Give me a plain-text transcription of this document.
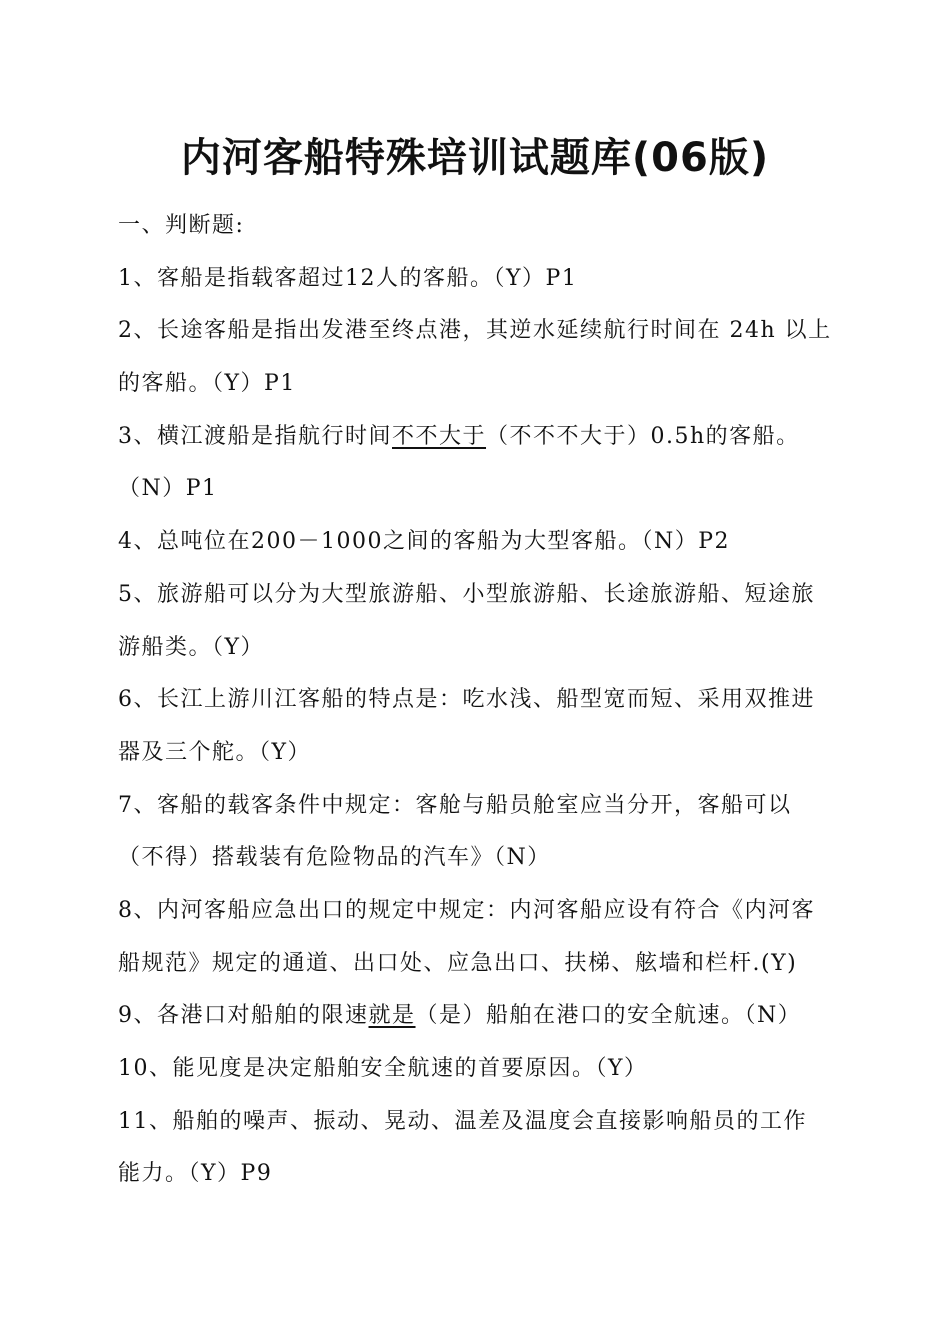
内河客船特殊培训试题库(06版)
一、判断题:
1、客船是指载客超过12人的客船。（Y）P1
2、长途客船是指出发港至终点港，其逆水延续航行时间在 24h 以上
的客船。（Y）P1
3、横江渡船是指航行时间不不大于（不不不大于）0.5h的客船。
（N）P1
4、总吨位在200－1000之间的客船为大型客船。（N）P2
5、旅游船可以分为大型旅游船、小型旅游船、长途旅游船、短途旅
游船类。（Y）
6、长江上游川江客船的特点是：吃水浅、船型宽而短、采用双推进
器及三个舵。（Y）
7、客船的载客条件中规定：客舱与船员舱室应当分开，客船可以
（不得）搭载装有危险物品的汽车》（N）
8、内河客船应急出口的规定中规定：内河客船应设有符合《内河客
船规范》规定的通道、出口处、应急出口、扶梯、舷墙和栏杆.(Y)
9、各港口对船舶的限速就是（是）船舶在港口的安全航速。（N）
10、能见度是决定船舶安全航速的首要原因。（Y）
11、船舶的噪声、振动、晃动、温差及温度会直接影响船员的工作
能力。（Y）P9
